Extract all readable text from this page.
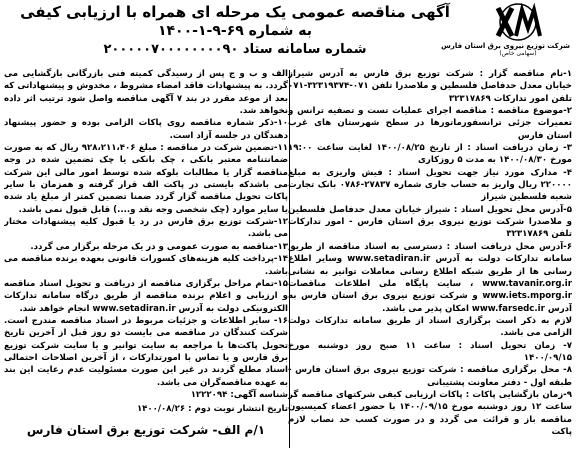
شرکت توزیع نیروی برق استان فارس
(سهامی خاص)
آگهی مناقصه عمومی یک مرحله ای همراه با ارزیابی کیفی
به شماره ۶۹-۹-۱-۱۴۰۰
شماره سامانه ستاد ۲۰۰۰۰۰۷۰۰۰۰۰۰۰۰۹۰

۱-نام مناقصه گزار : شرکت توزیع برق فارس به آدرس شیراز خیابان معدل حدفاصل فلسطین و ملاصدرا تلفن ۰۷۱-۳۲۳۱۹۳۷۴-۰۷۱ تلفن امور تدارکات ۳۲۳۱۷۸۶۹

۲-موضوع مناقصه : مناقصه اجرای عملیات تست و تصفیه ترانس و تعمیرات جزئی ترانسفورماتورها در سطح شهرستان های غرب استان فارس

۳- زمان دریافت اسناد : از تاریخ ۱۴۰۰/۰۸/۲۵ لغایت ساعت ۱۹:۰۰ مورخ ۱۴۰۰/۰۸/۳۰ به مدت ۵ روزکاری

۴- مدارک مورد نیاز جهت تحویل اسناد : فیش واریزی به مبلغ ۲۲۰۰۰۰ ریال واریز به حساب جاری شماره ۲۷۸۳۷-۰۷۸۶ بانک تجارت شعبه فلسطین شیراز

۵-آدرس محل تحویل اسناد : شیراز خیابان معدل حدفاصل فلسطین و ملاصدرا شرکت توزیع نیروی برق استان فارس - امور تدارکات تلفن ۳۲۳۱۷۸۶۹

۶-آدرس محل دریافت اسناد : دسترسی به اسناد مناقصه از طریق سامانه تدارکات دولت به آدرس www.setadiran.ir وسایر اطلاع رسانی ها از طریق شبکه اطلاع رسانی معاملات توانیر به نشانی www.tavanir.org.ir ، سایت پایگاه ملی اطلاعات مناقصات www.iets.mporg.ir و شرکت توزیع نیروی برق استان فارس به آدرس www.farsedc.ir امکان پذیر می باشد.

لازم به ذکر است برگزاری اسناد از طریق سامانه تدارکات دولت الزامی می باشد.

۷- زمان تحویل اسناد : ساعت ۱۱ صبح روز دوشنبه مورخ ۱۴۰۰/۰۹/۱۵

۸- محل برگزاری مناقصه : شرکت توزیع نیروی برق استان فارس - طبقه اول - دفتر معاونت پشتیبانی

۹-زمان بازگشایی پاکات : پاکات ارزیابی کیفی شرکتهای مناقصه گر ساعت ۱۲ روز دوشنبه مورخ ۱۴۰۰/۰۹/۱۵ با حضور اعضاء کمیسیون مناقصه باز و قرائت می گردد و در صورت کسب حد نصاب لازم پاکت

الف و ب و ج پس از رسیدگی کمیته فنی بازرگانی بازگشایی می گردد. به پیشنهادات فاقد امضاء مشروط ، مخدوش و پیشنهاداتی که بعد از موعد مقرر در بند ۷ آگهی مناقصه واصل شود ترتیب اثر داده نخواهد شد.

۱۰-ذکر شماره مناقصه روی پاکات الزامی بوده و حضور پیشنهاد دهندگان در جلسه آزاد است.

۱۱-تضمین شرکت در مناقصه : مبلغ ۹۲۸،۲۱۱،۴۰۶ ریال که به صورت ضمانتنامه معتبر بانکی ، چک بانکی یا چک تضمین شده در وجه مناقصه گزار یا مطالبات بلوکه شده توسط امور مالی این شرکت می باشدکه بایستی در پاکت الف قرار گرفته و همزمان با سایر پاکات تحویل مناقصه گزار گردد ضمنا تضمین کمتر از مبلغ یاد شده یا سایر موارد (چک شخصی وجه نقد و....) قابل قبول نمی باشد.

۱۲-شرکت توزیع برق فارس در رد یا قبول کلیه پیشنهادات مختار می باشد.

۱۳-مناقصه به صورت عمومی و در یک مرحله برگزار می گردد.

۱۴-پرداخت کلیه هزینه‌های کسورات قانونی بعهده برنده مناقصه می باشد.

۱۵-تمام مراحل برگزاری مناقصه از دریافت و تحویل اسناد مناقصه و ارزیابی و اعلام برنده مناقصه از طریق درگاه سامانه تدارکات الکترونیکی دولت به آدرس www.setadiran.ir انجام خواهد شد.

۱۶- سایر اطلاعات و جزئیات مربوط در اسناد مناقصه مندرج است. شرکت کنندگان در مناقصه می بایست دو روز قبل از آخرین تاریخ تحویل پاکت‌ها با مراجعه به سایت توانیر و یا سایت شرکت توزیع برق فارس و یا تماس با امورتدارکات ، از آخرین اصلاحات احتمالی اسناد مطلع گردند در غیر این صورت مسئولیت عدم رعایت این بند به عهده مناقصه‌گران می باشد.

شناسه آگهی: ۱۲۲۲۰۹۴

تاریخ انتشار نوبت دوم : ۱۴۰۰/۰۸/۲۶
۱/م الف- شرکت توزیع برق استان فارس
